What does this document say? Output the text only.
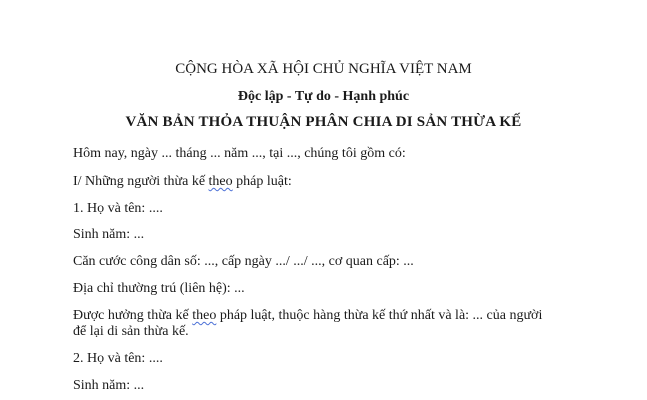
CỘNG HÒA XÃ HỘI CHỦ NGHĨA VIỆT NAM
Độc lập - Tự do - Hạnh phúc
VĂN BẢN THỎA THUẬN PHÂN CHIA DI SẢN THỪA KẾ
Hôm nay, ngày ... tháng ... năm ..., tại ..., chúng tôi gồm có:
I/ Những người thừa kế theo pháp luật:
1. Họ và tên: ....
Sinh năm: ...
Căn cước công dân số: ..., cấp ngày .../ .../ ..., cơ quan cấp: ...
Địa chỉ thường trú (liên hệ): ...
Được hưởng thừa kế theo pháp luật, thuộc hàng thừa kế thứ nhất và là: ... của người
để lại di sản thừa kế.
2. Họ và tên: ....
Sinh năm: ...
